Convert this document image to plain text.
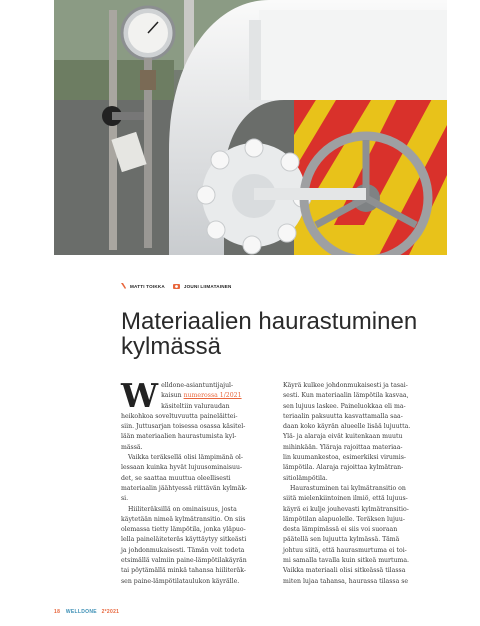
MATTI TOIKKA	JOUNI LIIMATAINEN
Materiaalien haurastuminen
kylmässä

Welldone-asiantuntijajul-
kaisun numerossa 1/2021
käsiteltiin valuraudan
heikohkoa soveltuvuutta paineläittei-
siin. Juttusarjan toisessa osassa käsitel-
lään materiaalien haurastumista kyl-
mässä.

Vaikka teräksellä olisi lämpimänä ol-
lessaan kuinka hyvät lujuusominaisuu-
det, se saattaa muuttua oleellisesti
materiaalin jäähtyessä riittävän kylmäk-
si.

Hiiliteräksillä on ominaisuus, josta
käytetään nimeä kylmätransitio. On siis
olemassa tietty lämpötila, jonka yläpuo-
lella paineläiteteräs käyttäytyy sitkeästi
ja johdonmukaisesti. Tämän voit todeta
etsimällä valmiin paine-lämpötilakäyrän
tai pöytämällä minkä tahansa hiiliteräk-
sen paine-lämpötilataulukon käyrälle.

Käyrä kulkee johdonmukaisesti ja tasai-
sesti. Kun materiaalin lämpötila kasvaa,
sen lujuus laskee. Paineluokkaa eli ma-
teriaalin paksuutta kasvattamalla saa-
daan koko käyrän alueelle lisää lujuutta.
Ylä- ja alaraja eivät kuitenkaan muutu
mihinkään. Yläraja rajoittaa materiaa-
lin kuumankestoa, esimerkiksi virumis-
lämpötila. Alaraja rajoittaa kylmätran-
sitiolämpötila.

Haurastuminen tai kylmätransitio on
siitä mielenkiintoinen ilmiö, että lujuus-
käyrä ei kulje jouhevasti kylmätransitio-
lämpötilan alapuolelle. Teräksen lujuu-
desta lämpimässä ei siis voi suoraan
päätellä sen lujuutta kylmässä. Tämä
johtuu siitä, että haurasmurtuma ei toi-
mi samalla tavalla kuin sitkeä murtuma.
Vaikka materiaali olisi sitkeässä tilassa
miten lujaa tahansa, haurassa tilassa se

18 WELLDONE 2*2021
